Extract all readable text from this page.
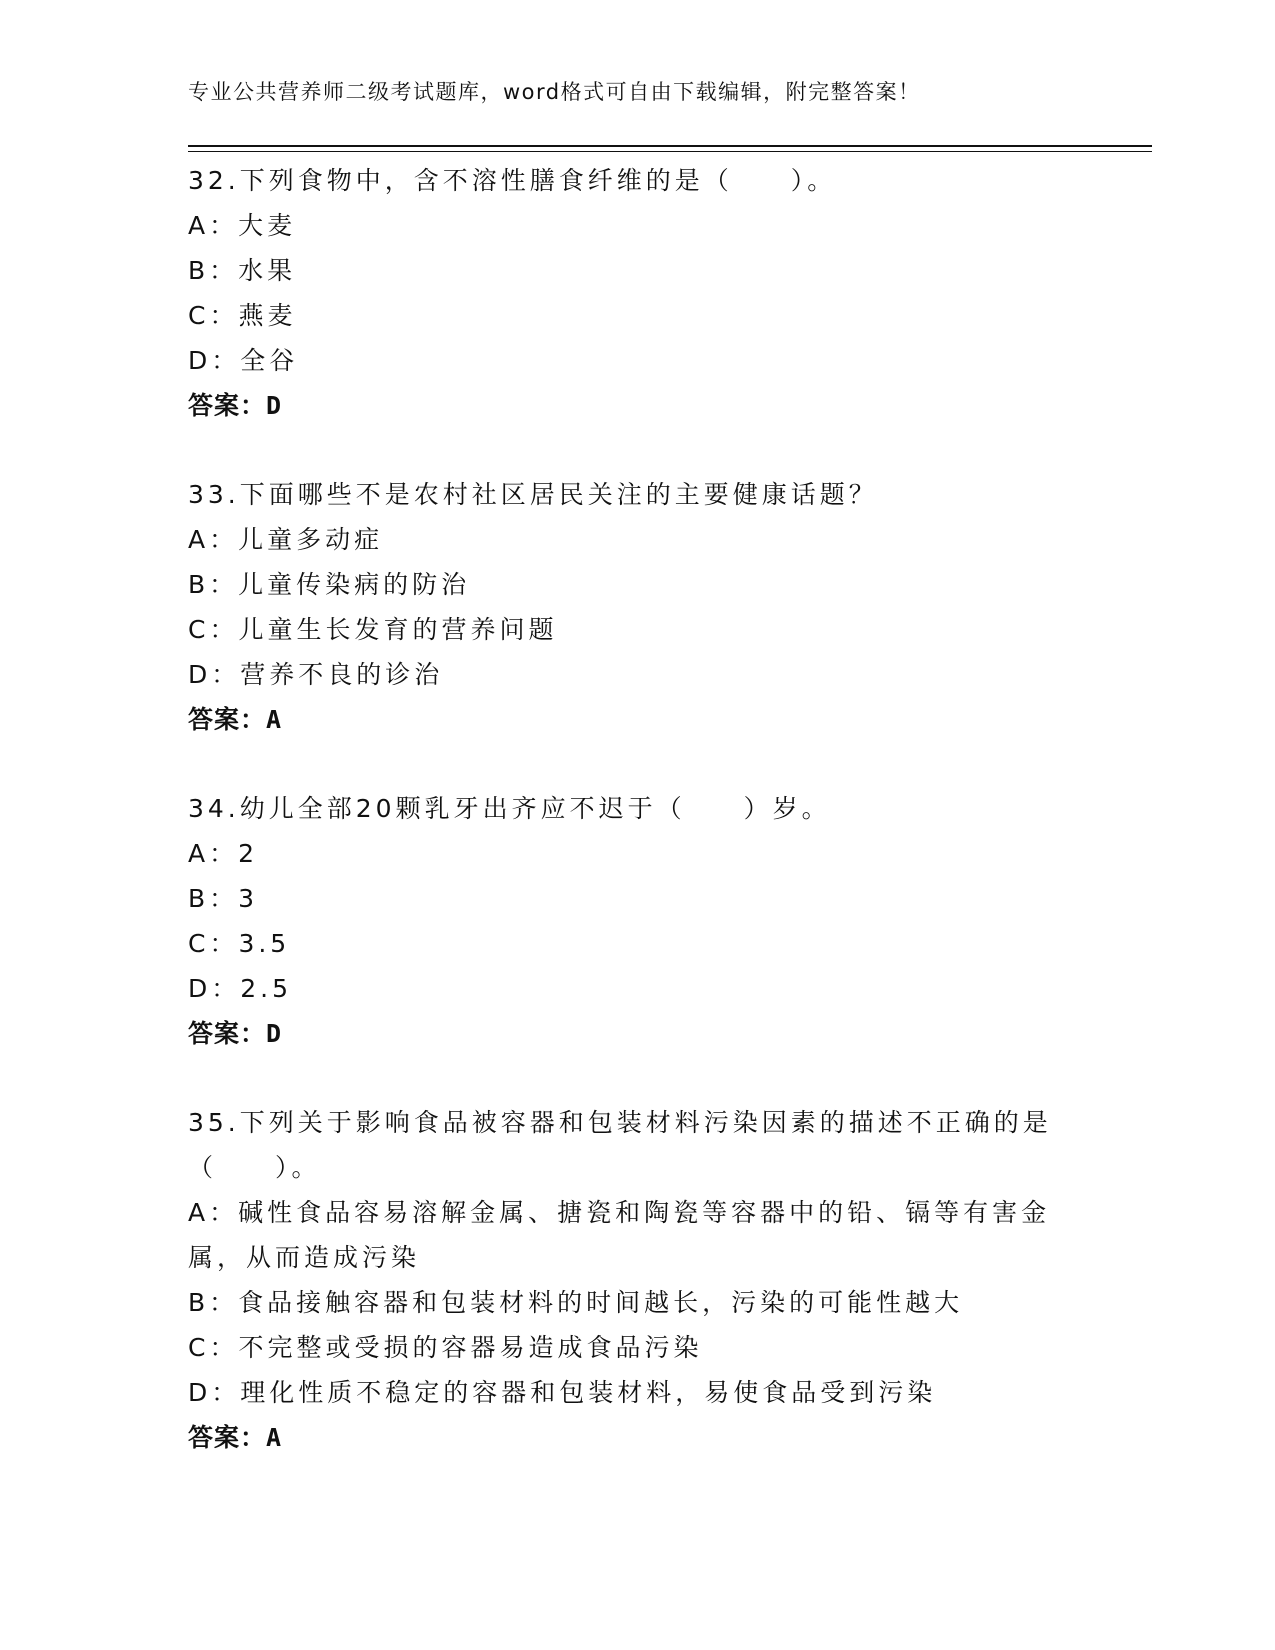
专业公共营养师二级考试题库，word格式可自由下载编辑，附完整答案！
32.下列食物中，含不溶性膳食纤维的是（　　）。
A：大麦
B：水果
C：燕麦
D：全谷
答案：D
33.下面哪些不是农村社区居民关注的主要健康话题？
A：儿童多动症
B：儿童传染病的防治
C：儿童生长发育的营养问题
D：营养不良的诊治
答案：A
34.幼儿全部20颗乳牙出齐应不迟于（　　）岁。
A：2
B：3
C：3.5
D：2.5
答案：D
35.下列关于影响食品被容器和包装材料污染因素的描述不正确的是（　　）。
A：碱性食品容易溶解金属、搪瓷和陶瓷等容器中的铅、镉等有害金属，从而造成污染
B：食品接触容器和包装材料的时间越长，污染的可能性越大
C：不完整或受损的容器易造成食品污染
D：理化性质不稳定的容器和包装材料，易使食品受到污染
答案：A
